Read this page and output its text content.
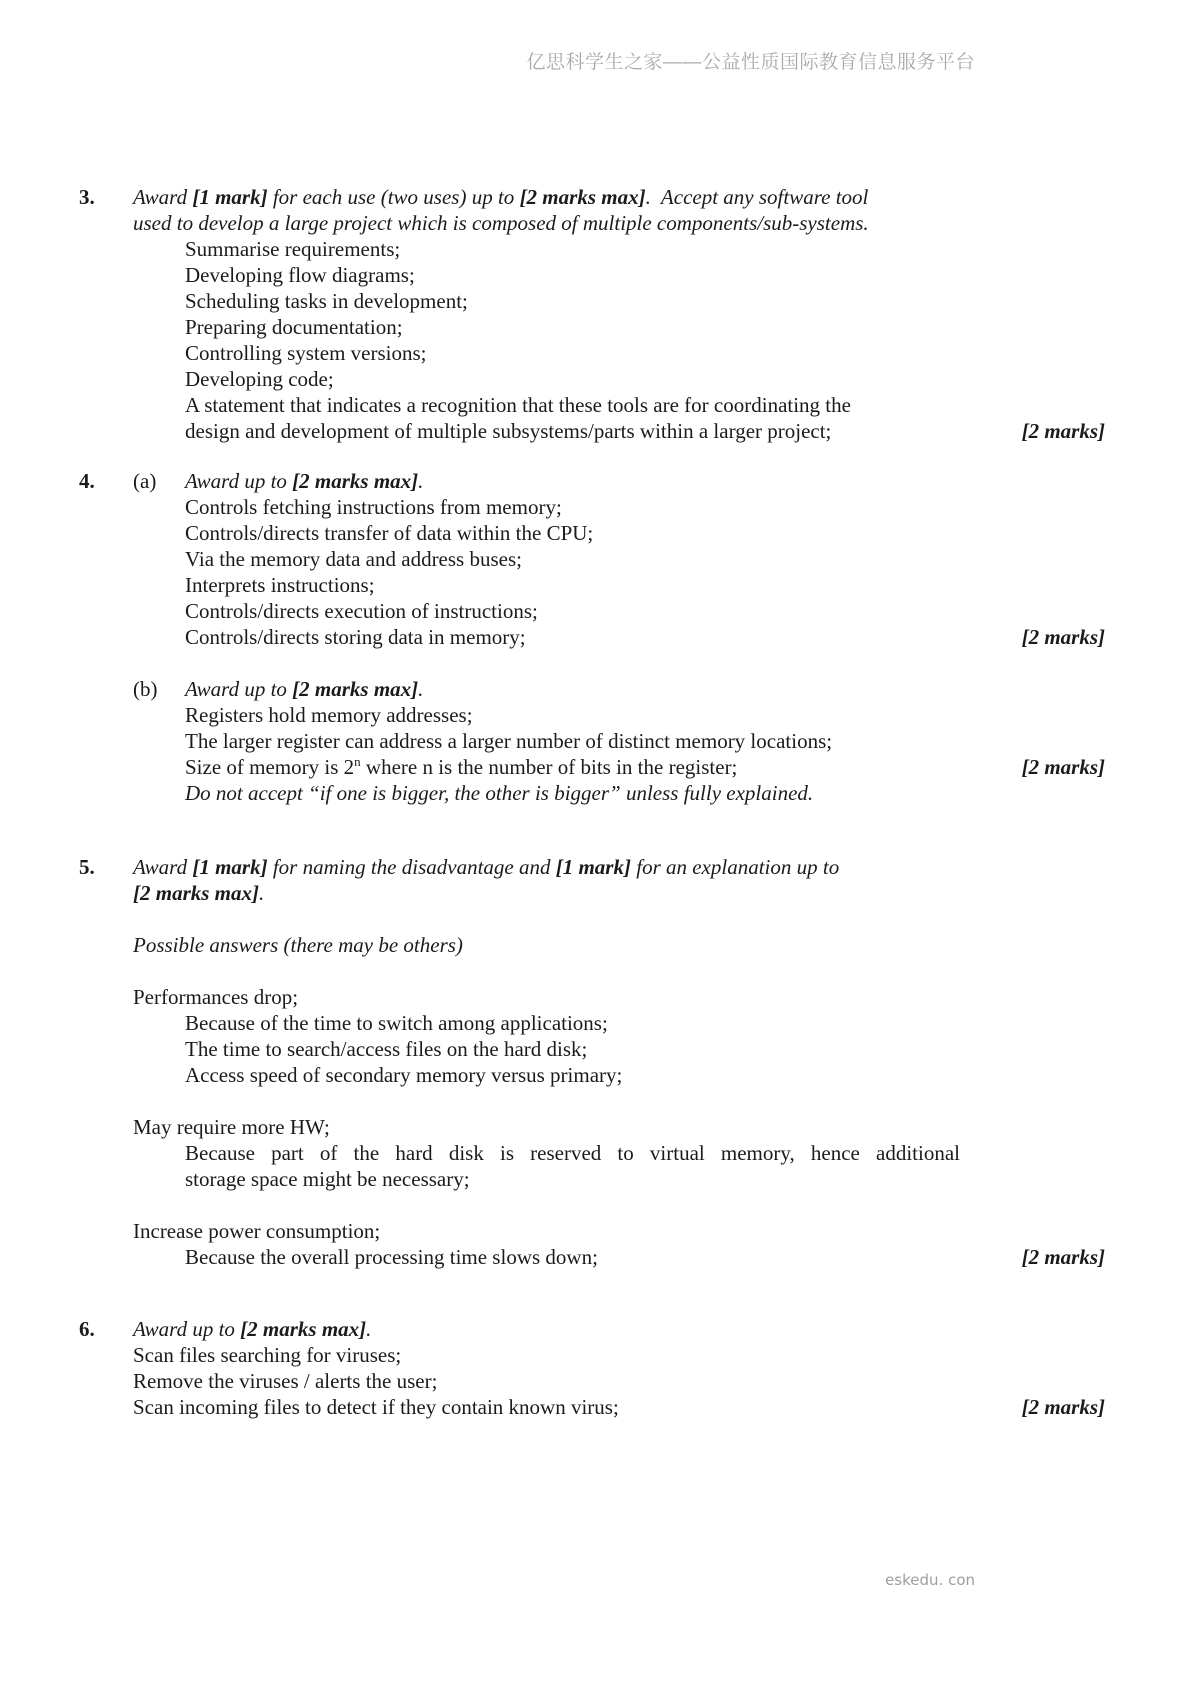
亿思科学生之家——公益性质国际教育信息服务平台
3. Award [1 mark] for each use (two uses) up to [2 marks max].  Accept any software tool
used to develop a large project which is composed of multiple components/sub-systems.
Summarise requirements;
Developing flow diagrams;
Scheduling tasks in development;
Preparing documentation;
Controlling system versions;
Developing code;
A statement that indicates a recognition that these tools are for coordinating the
design and development of multiple subsystems/parts within a larger project;	[2 marks]
4. (a) Award up to [2 marks max].
Controls fetching instructions from memory;
Controls/directs transfer of data within the CPU;
Via the memory data and address buses;
Interprets instructions;
Controls/directs execution of instructions;
Controls/directs storing data in memory;	[2 marks]
(b) Award up to [2 marks max].
Registers hold memory addresses;
The larger register can address a larger number of distinct memory locations;
Size of memory is 2$^n$ where n is the number of bits in the register;	[2 marks]
Do not accept “if one is bigger, the other is bigger” unless fully explained.
5. Award [1 mark] for naming the disadvantage and [1 mark] for an explanation up to
[2 marks max].
Possible answers (there may be others)
Performances drop;
Because of the time to switch among applications;
The time to search/access files on the hard disk;
Access speed of secondary memory versus primary;
May require more HW;
Because part of the hard disk is reserved to virtual memory, hence additional
storage space might be necessary;
Increase power consumption;
Because the overall processing time slows down;	[2 marks]
6. Award up to [2 marks max].
Scan files searching for viruses;
Remove the viruses / alerts the user;
Scan incoming files to detect if they contain known virus;	[2 marks]
eskedu. con
